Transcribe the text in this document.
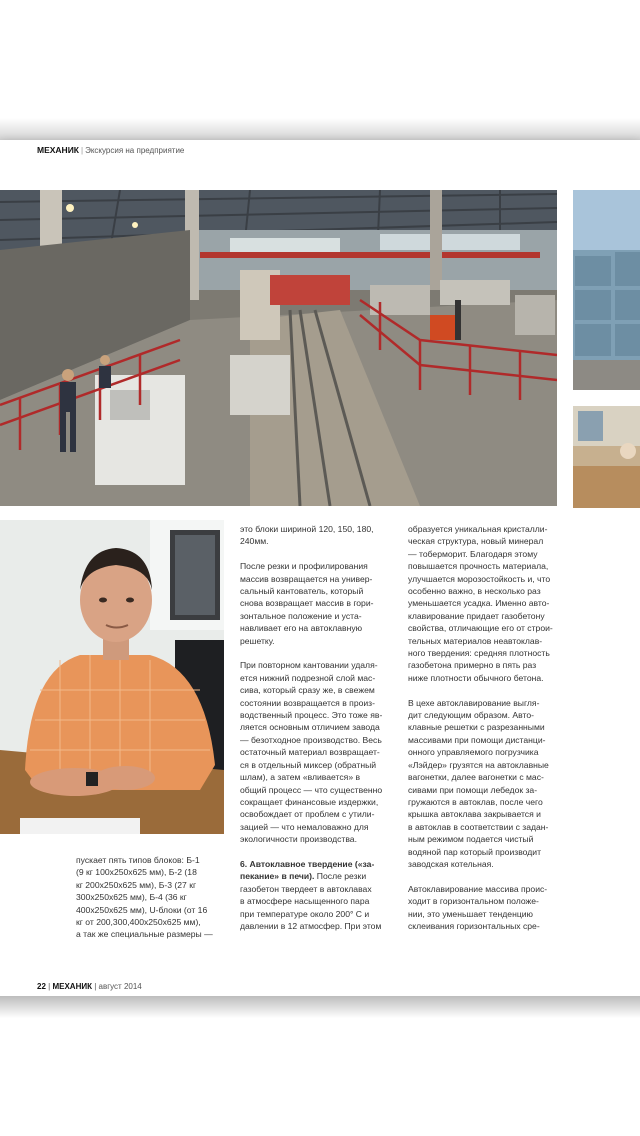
МЕХАНИК | Экскурсия на предприятие

пускает пять типов блоков: Б-1
(9 кг 100х250х625 мм), Б-2 (18
кг 200х250х625 мм), Б-3 (27 кг
300х250х625 мм), Б-4 (36 кг
400х250х625 мм), U-блоки (от 16
кг от 200,300,400х250х625 мм),
а так же специальные размеры —

это блоки шириной 120, 150, 180,
240мм.

После резки и профилирования
массив возвращается на универ-
сальный кантователь, который
снова возвращает массив в гори-
зонтальное положение и уста-
навливает его на автоклавную
решетку.

При повторном кантовании удаля-
ется нижний подрезной слой мас-
сива, который сразу же, в свежем
состоянии возвращается в произ-
водственный процесс. Это тоже яв-
ляется основным отличием завода
— безотходное производство. Весь
остаточный материал возвращает-
ся в отдельный миксер (обратный
шлам), а затем «вливается» в
общий процесс — что существенно
сокращает финансовые издержки,
освобождает от проблем с утили-
зацией — что немаловажно для
экологичности производства.

6. Автоклавное твердение («за-
пекание» в печи). После резки
газобетон твердеет в автоклавах
в атмосфере насыщенного пара
при температуре около 200° С и
давлении в 12 атмосфер. При этом

образуется уникальная кристалли-
ческая структура, новый минерал
— тоберморит. Благодаря этому
повышается прочность материала,
улучшается морозостойкость и, что
особенно важно, в несколько раз
уменьшается усадка. Именно авто-
клавирование придает газобетону
свойства, отличающие его от строи-
тельных материалов неавтоклав-
ного твердения: средняя плотность
газобетона примерно в пять раз
ниже плотности обычного бетона.

В цехе автоклавирование выгля-
дит следующим образом. Авто-
клавные решетки с разрезанными
массивами при помощи дистанци-
онного управляемого погрузчика
«Лэйдер» грузятся на автоклавные
вагонетки, далее вагонетки с мас-
сивами при помощи лебедок за-
гружаются в автоклав, после чего
крышка автоклава закрывается и
в автоклав в соответствии с задан-
ным режимом подается чистый
водяной пар который производит
заводская котельная.

Автоклавирование массива проис-
ходит в горизонтальном положе-
нии, это уменьшает тенденцию
склеивания горизонтальных сре-

22 | МЕХАНИК | август 2014
